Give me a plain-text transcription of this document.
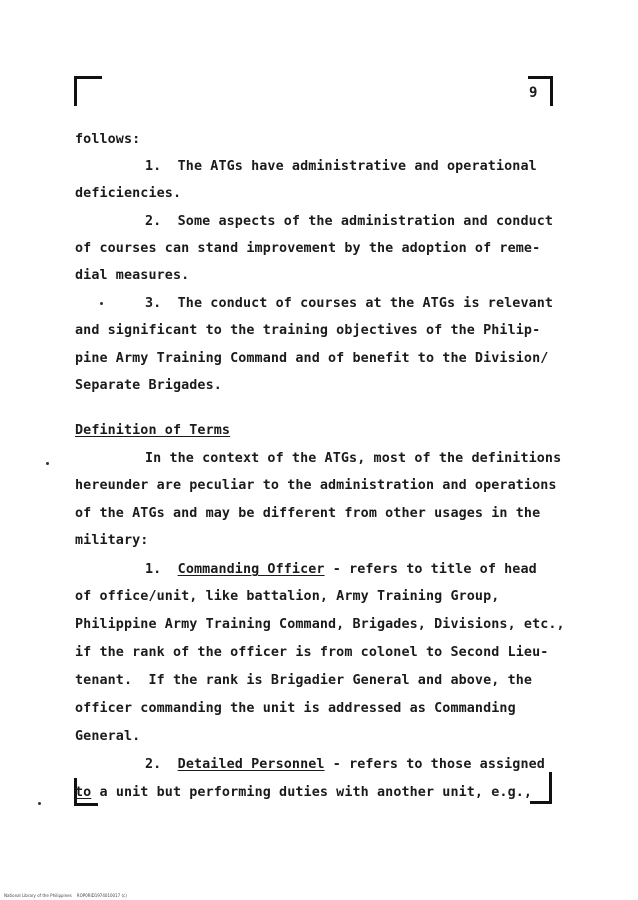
9
follows:
1.  The ATGs have administrative and operational
deficiencies.
2.  Some aspects of the administration and conduct
of courses can stand improvement by the adoption of reme-
dial measures.
3.  The conduct of courses at the ATGs is relevant
and significant to the training objectives of the Philip-
pine Army Training Command and of benefit to the Division/
Separate Brigades.
Definition of Terms
In the context of the ATGs, most of the definitions
hereunder are peculiar to the administration and operations
of the ATGs and may be different from other usages in the
military:
1.  Commanding Officer - refers to title of head
of office/unit, like battalion, Army Training Group,
Philippine Army Training Command, Brigades, Divisions, etc.,
if the rank of the officer is from colonel to Second Lieu-
tenant.  If the rank is Brigadier General and above, the
officer commanding the unit is addressed as Commanding
General.
2.  Detailed Personnel - refers to those assigned
to a unit but performing duties with another unit, e.g.,
National Library of the Philippines    ROP0RID1974010017 (c)
